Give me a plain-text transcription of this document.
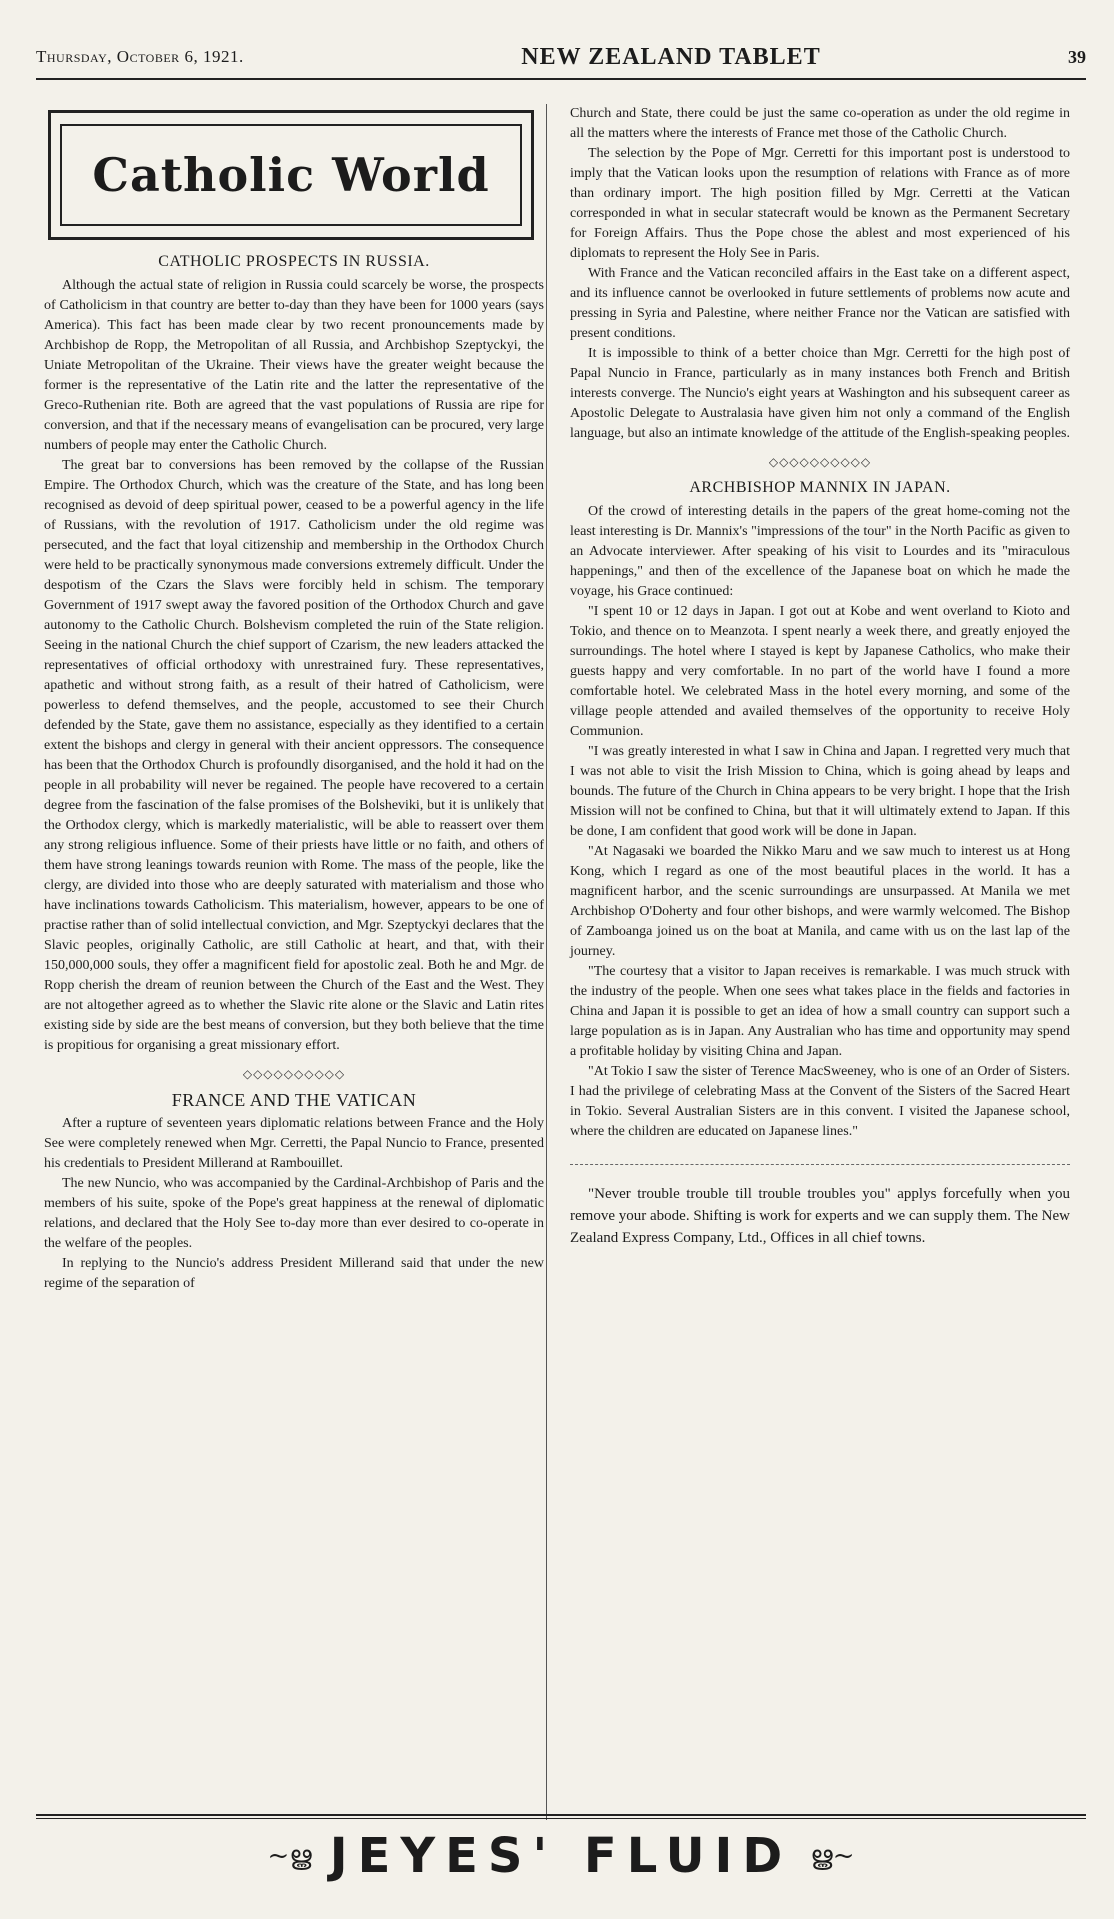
Thursday, October 6, 1921.	NEW ZEALAND TABLET	39
Catholic World
CATHOLIC PROSPECTS IN RUSSIA.

Although the actual state of religion in Russia could scarcely be worse, the prospects of Catholicism in that country are better to-day than they have been for 1000 years (says America). This fact has been made clear by two recent pronouncements made by Archbishop de Ropp, the Metropolitan of all Russia, and Archbishop Szeptyckyi, the Uniate Metropolitan of the Ukraine. Their views have the greater weight because the former is the representative of the Latin rite and the latter the representative of the Greco-Ruthenian rite. Both are agreed that the vast populations of Russia are ripe for conversion, and that if the necessary means of evangelisation can be procured, very large numbers of people may enter the Catholic Church.

The great bar to conversions has been removed by the collapse of the Russian Empire. The Orthodox Church, which was the creature of the State, and has long been recognised as devoid of deep spiritual power, ceased to be a powerful agency in the life of Russians, with the revolution of 1917. Catholicism under the old regime was persecuted, and the fact that loyal citizenship and membership in the Orthodox Church were held to be practically synonymous made conversions extremely difficult. Under the despotism of the Czars the Slavs were forcibly held in schism. The temporary Government of 1917 swept away the favored position of the Orthodox Church and gave autonomy to the Catholic Church. Bolshevism completed the ruin of the State religion. Seeing in the national Church the chief support of Czarism, the new leaders attacked the representatives of official orthodoxy with unrestrained fury. These representatives, apathetic and without strong faith, as a result of their hatred of Catholicism, were powerless to defend themselves, and the people, accustomed to see their Church defended by the State, gave them no assistance, especially as they identified to a certain extent the bishops and clergy in general with their ancient oppressors. The consequence has been that the Orthodox Church is profoundly disorganised, and the hold it had on the people in all probability will never be regained. The people have recovered to a certain degree from the fascination of the false promises of the Bolsheviki, but it is unlikely that the Orthodox clergy, which is markedly materialistic, will be able to reassert over them any strong religious influence. Some of their priests have little or no faith, and others of them have strong leanings towards reunion with Rome. The mass of the people, like the clergy, are divided into those who are deeply saturated with materialism and those who have inclinations towards Catholicism. This materialism, however, appears to be one of practise rather than of solid intellectual conviction, and Mgr. Szeptyckyi declares that the Slavic peoples, originally Catholic, are still Catholic at heart, and that, with their 150,000,000 souls, they offer a magnificent field for apostolic zeal. Both he and Mgr. de Ropp cherish the dream of reunion between the Church of the East and the West. They are not altogether agreed as to whether the Slavic rite alone or the Slavic and Latin rites existing side by side are the best means of conversion, but they both believe that the time is propitious for organising a great missionary effort.

◇◇◇◇◇◇◇◇◇◇
FRANCE AND THE VATICAN

After a rupture of seventeen years diplomatic relations between France and the Holy See were completely renewed when Mgr. Cerretti, the Papal Nuncio to France, presented his credentials to President Millerand at Rambouillet.

The new Nuncio, who was accompanied by the Cardinal-Archbishop of Paris and the members of his suite, spoke of the Pope's great happiness at the renewal of diplomatic relations, and declared that the Holy See to-day more than ever desired to co-operate in the welfare of the peoples.

In replying to the Nuncio's address President Millerand said that under the new regime of the separation of

Church and State, there could be just the same co-operation as under the old regime in all the matters where the interests of France met those of the Catholic Church.

The selection by the Pope of Mgr. Cerretti for this important post is understood to imply that the Vatican looks upon the resumption of relations with France as of more than ordinary import. The high position filled by Mgr. Cerretti at the Vatican corresponded in what in secular statecraft would be known as the Permanent Secretary for Foreign Affairs. Thus the Pope chose the ablest and most experienced of his diplomats to represent the Holy See in Paris.

With France and the Vatican reconciled affairs in the East take on a different aspect, and its influence cannot be overlooked in future settlements of problems now acute and pressing in Syria and Palestine, where neither France nor the Vatican are satisfied with present conditions.

It is impossible to think of a better choice than Mgr. Cerretti for the high post of Papal Nuncio in France, particularly as in many instances both French and British interests converge. The Nuncio's eight years at Washington and his subsequent career as Apostolic Delegate to Australasia have given him not only a command of the English language, but also an intimate knowledge of the attitude of the English-speaking peoples.

◇◇◇◇◇◇◇◇◇◇
ARCHBISHOP MANNIX IN JAPAN.

Of the crowd of interesting details in the papers of the great home-coming not the least interesting is Dr. Mannix's "impressions of the tour" in the North Pacific as given to an Advocate interviewer. After speaking of his visit to Lourdes and its "miraculous happenings," and then of the excellence of the Japanese boat on which he made the voyage, his Grace continued:

"I spent 10 or 12 days in Japan. I got out at Kobe and went overland to Kioto and Tokio, and thence on to Meanzota. I spent nearly a week there, and greatly enjoyed the surroundings. The hotel where I stayed is kept by Japanese Catholics, who make their guests happy and very comfortable. In no part of the world have I found a more comfortable hotel. We celebrated Mass in the hotel every morning, and some of the village people attended and availed themselves of the opportunity to receive Holy Communion.

"I was greatly interested in what I saw in China and Japan. I regretted very much that I was not able to visit the Irish Mission to China, which is going ahead by leaps and bounds. The future of the Church in China appears to be very bright. I hope that the Irish Mission will not be confined to China, but that it will ultimately extend to Japan. If this be done, I am confident that good work will be done in Japan.

"At Nagasaki we boarded the Nikko Maru and we saw much to interest us at Hong Kong, which I regard as one of the most beautiful places in the world. It has a magnificent harbor, and the scenic surroundings are unsurpassed. At Manila we met Archbishop O'Doherty and four other bishops, and were warmly welcomed. The Bishop of Zamboanga joined us on the boat at Manila, and came with us on the last lap of the journey.

"The courtesy that a visitor to Japan receives is remarkable. I was much struck with the industry of the people. When one sees what takes place in the fields and factories in China and Japan it is possible to get an idea of how a small country can support such a large population as is in Japan. Any Australian who has time and opportunity may spend a profitable holiday by visiting China and Japan.

"At Tokio I saw the sister of Terence MacSweeney, who is one of an Order of Sisters. I had the privilege of celebrating Mass at the Convent of the Sisters of the Sacred Heart in Tokio. Several Australian Sisters are in this convent. I visited the Japanese school, where the children are educated on Japanese lines."

"Never trouble trouble till trouble troubles you" applys forcefully when you remove your abode. Shifting is work for experts and we can supply them. The New Zealand Express Company, Ltd., Offices in all chief towns.

~ൠ JEYES' FLUID ൠ~
